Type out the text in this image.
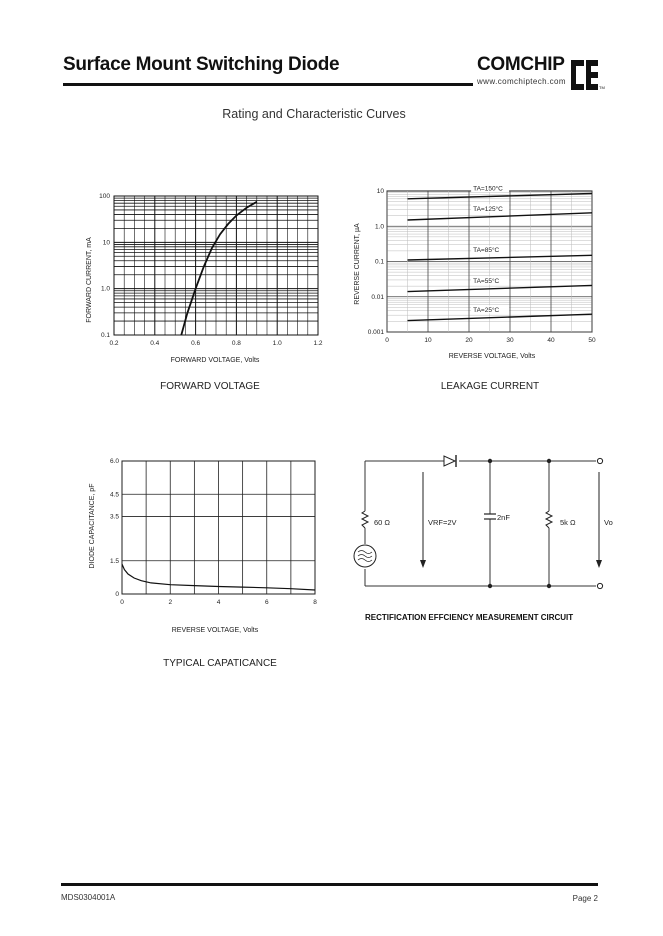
Surface Mount Switching Diode	COMCHIP
www.comchiptech.com
TM
Rating and Characteristic Curves
0.2	0.4	0.6	0.8	1.0	1.2
0.1
1.0
10
100
FORWARD CURRENT, mA
FORWARD VOLTAGE, Volts
FORWARD VOLTAGE
0	10	20	30	40	50
0.001
0.01
0.1
1.0
10	TA=150°C
TA=125°C
TA=85°C
TA=55°C
TA=25°C
REVERSE CURRENT, µA
REVERSE VOLTAGE, Volts
LEAKAGE CURRENT
0	2	4	6	8
0
1.5
3.5
4.5
6.0
DIODE CAPACITANCE, pF
REVERSE VOLTAGE, Volts
TYPICAL CAPATICANCE
60 Ω	VRF=2V
2nF
5k Ω	Vo
RECTIFICATION EFFCIENCY MEASUREMENT CIRCUIT
MDS0304001A	Page 2
